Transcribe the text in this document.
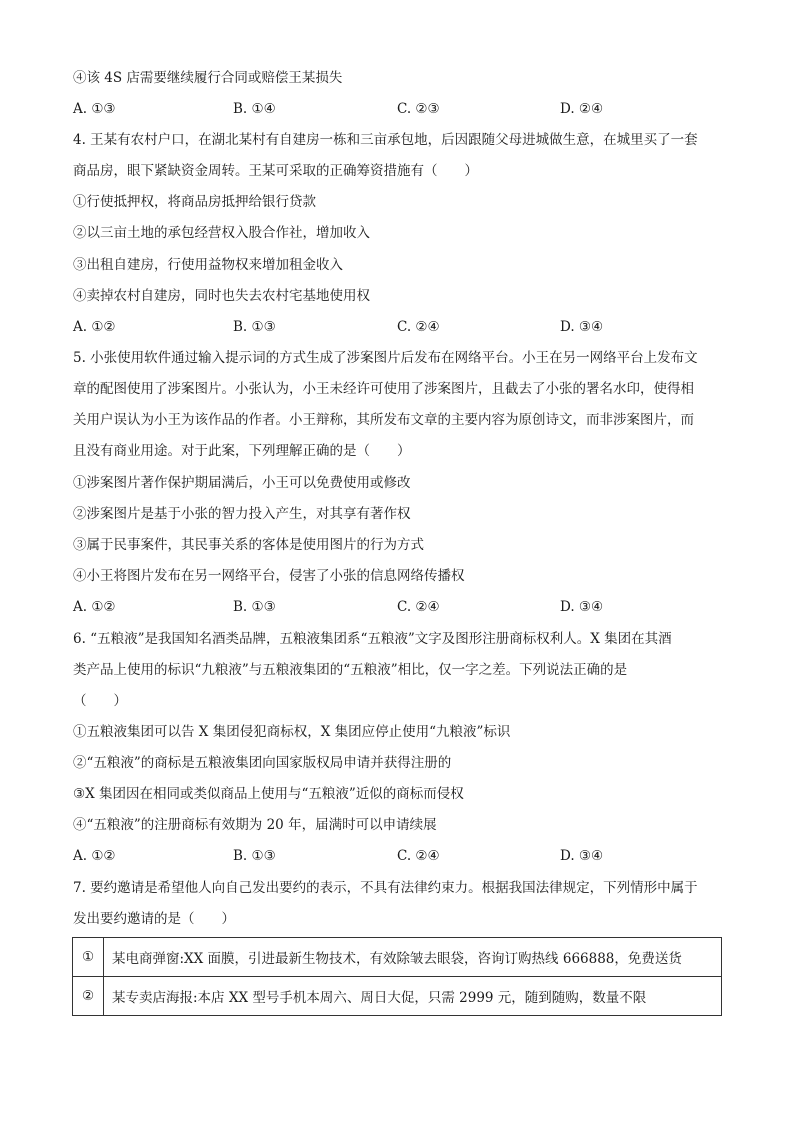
④该 4S 店需要继续履行合同或赔偿王某损失
A. ①③	B. ①④	C. ②③	D. ②④
4. 王某有农村户口，在湖北某村有自建房一栋和三亩承包地，后因跟随父母进城做生意，在城里买了一套
商品房，眼下紧缺资金周转。王某可采取的正确筹资措施有（　　）
①行使抵押权，将商品房抵押给银行贷款
②以三亩土地的承包经营权入股合作社，增加收入
③出租自建房，行使用益物权来增加租金收入
④卖掉农村自建房，同时也失去农村宅基地使用权
A. ①②	B. ①③	C. ②④	D. ③④
5. 小张使用软件通过输入提示词的方式生成了涉案图片后发布在网络平台。小王在另一网络平台上发布文
章的配图使用了涉案图片。小张认为，小王未经许可使用了涉案图片，且截去了小张的署名水印，使得相
关用户误认为小王为该作品的作者。小王辩称，其所发布文章的主要内容为原创诗文，而非涉案图片，而
且没有商业用途。对于此案，下列理解正确的是（　　）
①涉案图片著作保护期届满后，小王可以免费使用或修改
②涉案图片是基于小张的智力投入产生，对其享有著作权
③属于民事案件，其民事关系的客体是使用图片的行为方式
④小王将图片发布在另一网络平台，侵害了小张的信息网络传播权
A. ①②	B. ①③	C. ②④	D. ③④
6. “五粮液”是我国知名酒类品牌，五粮液集团系“五粮液”文字及图形注册商标权利人。X 集团在其酒
类产品上使用的标识“九粮液”与五粮液集团的“五粮液”相比，仅一字之差。下列说法正确的是
（　　）
①五粮液集团可以告 X 集团侵犯商标权，X 集团应停止使用“九粮液”标识
②“五粮液”的商标是五粮液集团向国家版权局申请并获得注册的
③X 集团因在相同或类似商品上使用与“五粮液”近似的商标而侵权
④“五粮液”的注册商标有效期为 20 年，届满时可以申请续展
A. ①②	B. ①③	C. ②④	D. ③④
7. 要约邀请是希望他人向自己发出要约的表示，不具有法律约束力。根据我国法律规定，下列情形中属于
发出要约邀请的是（　　）
①	某电商弹窗:XX 面膜，引进最新生物技术，有效除皱去眼袋，咨询订购热线 666888，免费送货
②	某专卖店海报:本店 XX 型号手机本周六、周日大促，只需 2999 元，随到随购，数量不限
